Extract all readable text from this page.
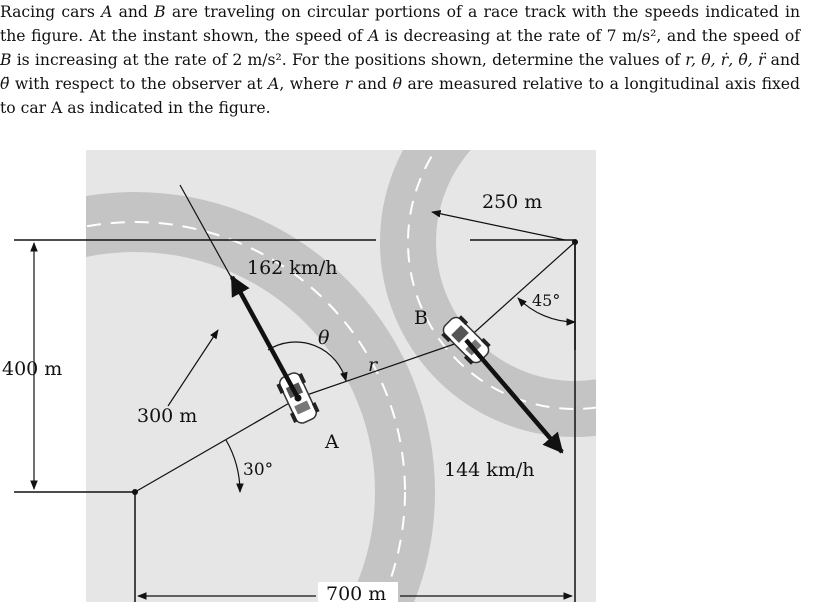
Racing cars A and B are traveling on circular portions of a race track with the speeds indicated in the figure. At the instant shown, the speed of A is decreasing at the rate of 7 m/s², and the speed of B is increasing at the rate of 2 m/s². For the positions shown, determine the values of r, θ, ṙ, θ̇, r̈ and θ̈ with respect to the observer at A, where r and θ are measured relative to a longitudinal axis fixed to car A as indicated in the figure.
162 km/h
144 km/h
250 m
300 m
45°
30°
400 m
700 m
A
B
r
θ
